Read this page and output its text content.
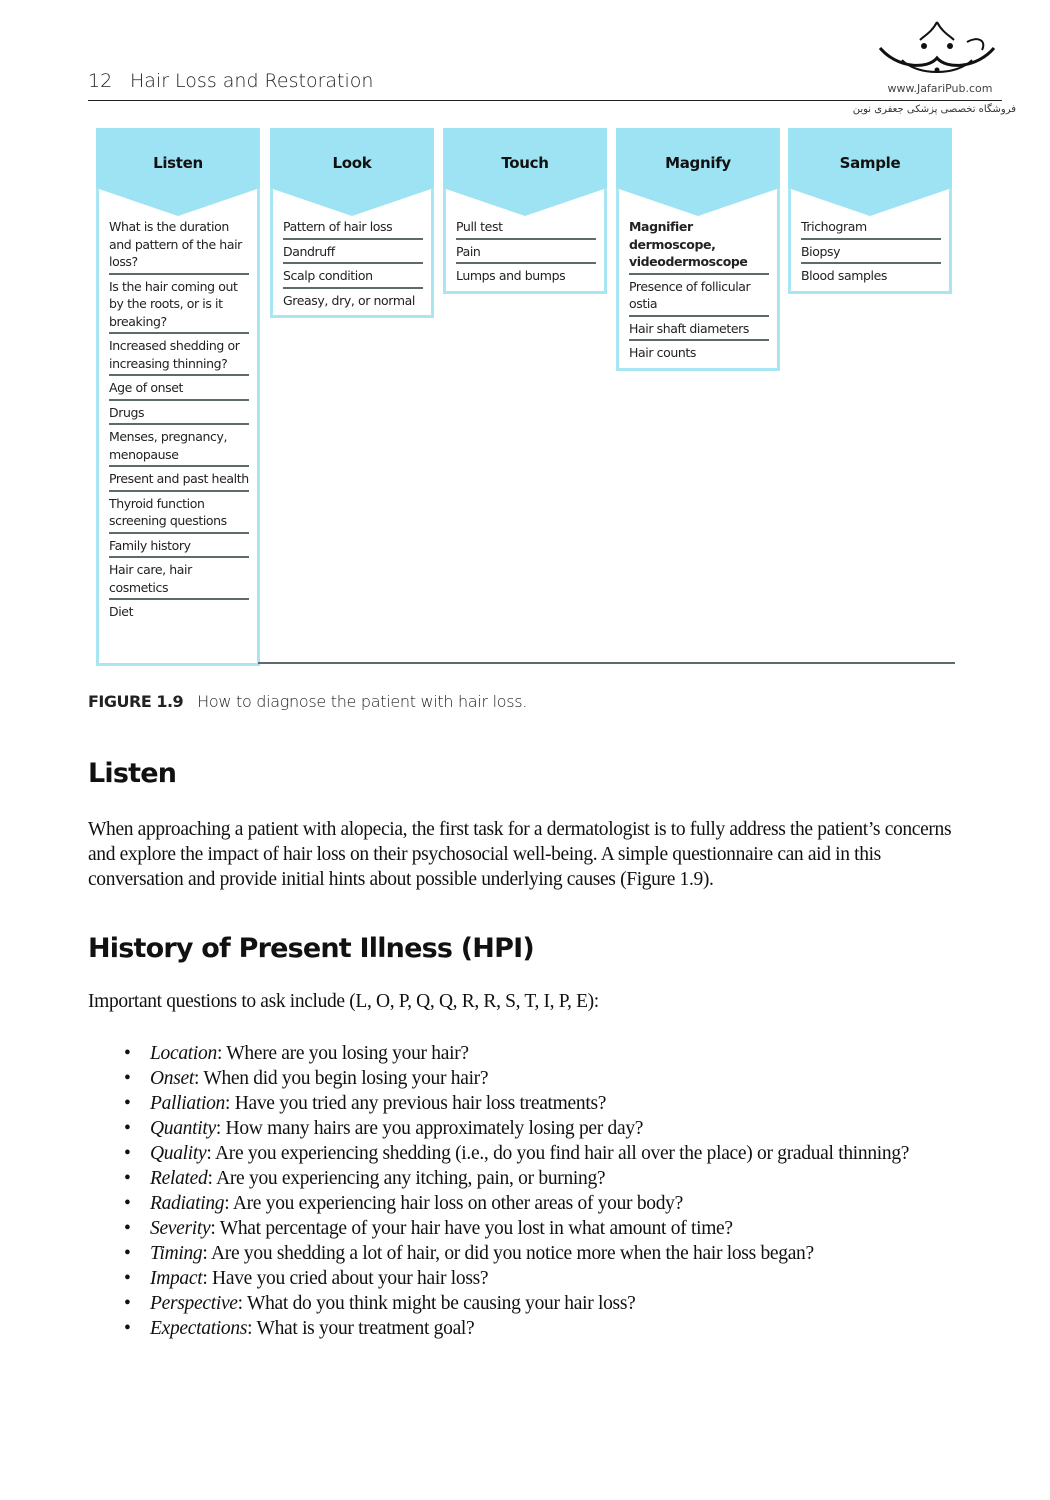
12 Hair Loss and Restoration	www.JafariPub.com
فروشگاه تخصصی پزشکی جعفری نوین
Listen
What is the duration and pattern of the hair loss?
Is the hair coming out by the roots, or is it breaking?
Increased shedding or increasing thinning?
Age of onset
Drugs
Menses, pregnancy, menopause
Present and past health
Thyroid function screening questions
Family history
Hair care, hair cosmetics
Diet
Look
Pattern of hair loss
Dandruff
Scalp condition
Greasy, dry, or normal
Touch
Pull test
Pain
Lumps and bumps
Magnify
Magnifier dermoscope, videodermoscope
Presence of follicular ostia
Hair shaft diameters
Hair counts
Sample
Trichogram
Biopsy
Blood samples
FIGURE 1.9 How to diagnose the patient with hair loss.
Listen
When approaching a patient with alopecia, the first task for a dermatologist is to fully address the patient’s concerns and explore the impact of hair loss on their psychosocial well-being. A simple questionnaire can aid in this conversation and provide initial hints about possible underlying causes (Figure 1.9).
History of Present Illness (HPI)
Important questions to ask include (L, O, P, Q, Q, R, R, S, T, I, P, E):
• Location: Where are you losing your hair?
• Onset: When did you begin losing your hair?
• Palliation: Have you tried any previous hair loss treatments?
• Quantity: How many hairs are you approximately losing per day?
• Quality: Are you experiencing shedding (i.e., do you find hair all over the place) or gradual thinning?
• Related: Are you experiencing any itching, pain, or burning?
• Radiating: Are you experiencing hair loss on other areas of your body?
• Severity: What percentage of your hair have you lost in what amount of time?
• Timing: Are you shedding a lot of hair, or did you notice more when the hair loss began?
• Impact: Have you cried about your hair loss?
• Perspective: What do you think might be causing your hair loss?
• Expectations: What is your treatment goal?
